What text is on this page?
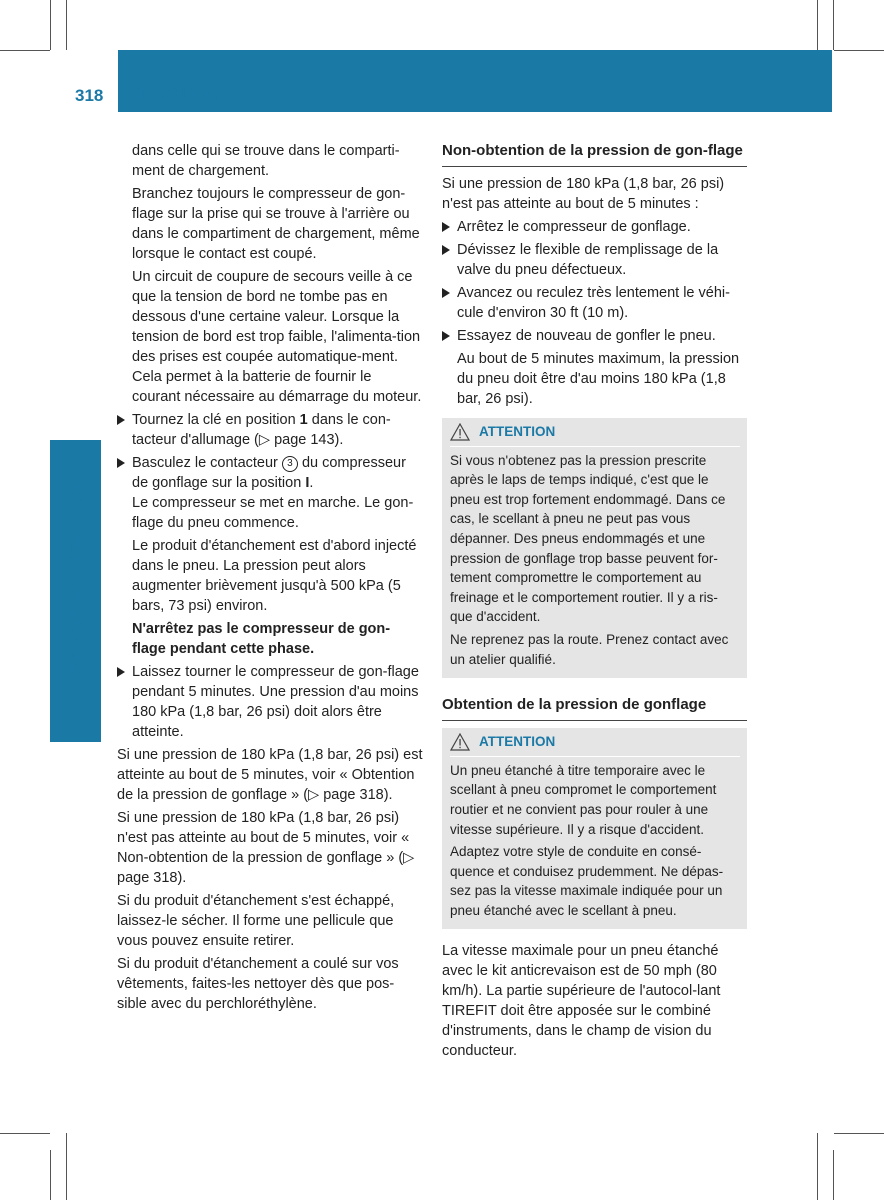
318 Crevaison
Assistance dépannage

dans celle qui se trouve dans le comparti-ment de chargement.

Branchez toujours le compresseur de gon-flage sur la prise qui se trouve à l'arrière ou dans le compartiment de chargement, même lorsque le contact est coupé.

Un circuit de coupure de secours veille à ce que la tension de bord ne tombe pas en dessous d'une certaine valeur. Lorsque la tension de bord est trop faible, l'alimenta-tion des prises est coupée automatique-ment. Cela permet à la batterie de fournir le courant nécessaire au démarrage du moteur.

Tournez la clé en position 1 dans le con-tacteur d'allumage (▷ page 143).
Basculez le contacteur 3 du compresseur de gonflage sur la position I.
Le compresseur se met en marche. Le gon-flage du pneu commence.
Le produit d'étanchement est d'abord injecté dans le pneu. La pression peut alors augmenter brièvement jusqu'à 500 kPa (5 bars, 73 psi) environ.
N'arrêtez pas le compresseur de gon-flage pendant cette phase.
Laissez tourner le compresseur de gon-flage pendant 5 minutes. Une pression d'au moins 180 kPa (1,8 bar, 26 psi) doit alors être atteinte.

Si une pression de 180 kPa (1,8 bar, 26 psi) est atteinte au bout de 5 minutes, voir « Obtention de la pression de gonflage » (▷ page 318).

Si une pression de 180 kPa (1,8 bar, 26 psi) n'est pas atteinte au bout de 5 minutes, voir « Non-obtention de la pression de gonflage » (▷ page 318).

Si du produit d'étanchement s'est échappé, laissez-le sécher. Il forme une pellicule que vous pouvez ensuite retirer.

Si du produit d'étanchement a coulé sur vos vêtements, faites-les nettoyer dès que pos-sible avec du perchloréthylène.

Non-obtention de la pression de gon-flage

Si une pression de 180 kPa (1,8 bar, 26 psi) n'est pas atteinte au bout de 5 minutes :

Arrêtez le compresseur de gonflage.
Dévissez le flexible de remplissage de la valve du pneu défectueux.
Avancez ou reculez très lentement le véhi-cule d'environ 30 ft (10 m).
Essayez de nouveau de gonfler le pneu.
Au bout de 5 minutes maximum, la pression du pneu doit être d'au moins 180 kPa (1,8 bar, 26 psi).
ATTENTION

Si vous n'obtenez pas la pression prescrite après le laps de temps indiqué, c'est que le pneu est trop fortement endommagé. Dans ce cas, le scellant à pneu ne peut pas vous dépanner. Des pneus endommagés et une pression de gonflage trop basse peuvent for-tement compromettre le comportement au freinage et le comportement routier. Il y a ris-que d'accident.

Ne reprenez pas la route. Prenez contact avec un atelier qualifié.

Obtention de la pression de gonflage
ATTENTION

Un pneu étanché à titre temporaire avec le scellant à pneu compromet le comportement routier et ne convient pas pour rouler à une vitesse supérieure. Il y a risque d'accident.

Adaptez votre style de conduite en consé-quence et conduisez prudemment. Ne dépas-sez pas la vitesse maximale indiquée pour un pneu étanché avec le scellant à pneu.

La vitesse maximale pour un pneu étanché avec le kit anticrevaison est de 50 mph (80 km/h). La partie supérieure de l'autocol-lant TIREFIT doit être apposée sur le combiné d'instruments, dans le champ de vision du conducteur.
